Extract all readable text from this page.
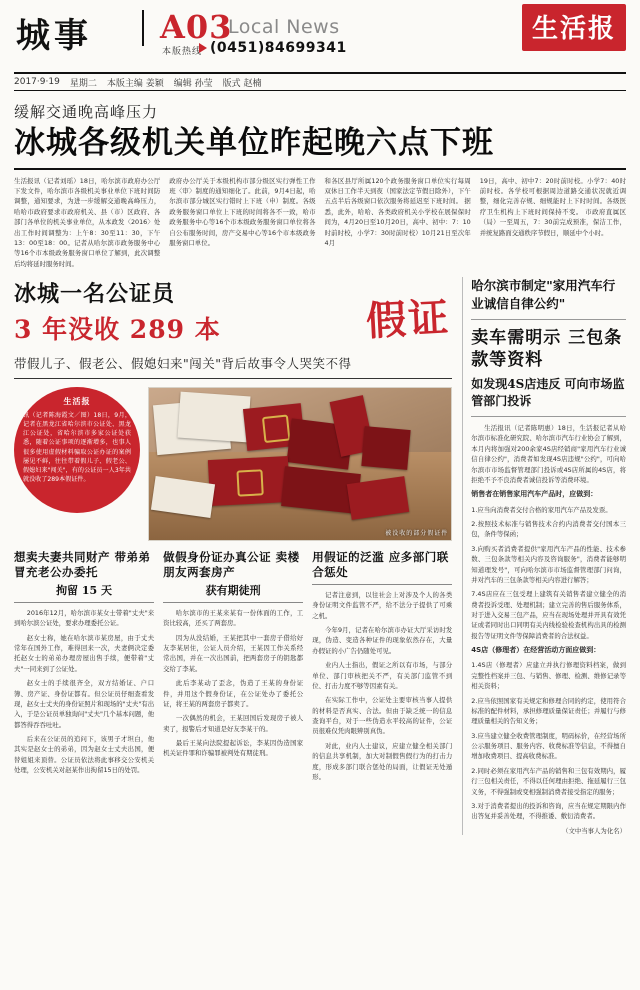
城事 A03
Local News
本版热线 (0451)84699341
生活报
2017·9·19 星期二 本版主编 姜颖 编辑 孙莹 版式 赵楠
缓解交通晚高峰压力
冰城各级机关单位昨起晚六点下班
生活报讯（记者刘瑶）18日，哈尔滨市政府办公厅下发文件，哈尔滨市各级机关事业单位下班时间防调整，通知要求，为进一步缓解交通晚高峰压力，哈哈市政府要求市政府机关、县（市）区政府、各部门各单位的机关事业单位，从本政发〈2016〉处出工作时间调整为：上午8：30至11：30，下午13：00至18：00。记者从哈尔滨市政务服务中心等16个市本级政务服务窗口单位了解到，此次调整后均将延时服务时间。
政府办公厅关于本级机构市部分级区实行弹性工作班〈审〉制度的通知细化了。此前，9月4日起，哈尔滨市部分城区实行错时上下班（申）制度。各级政务服务窗口单位上下班的时间将各不一致，哈市政务服务中心等16个市本级政务服务窗口单位将各自公布服务时间，房产交易中心等16个市本级政务服务窗口单位。
和各区县厅所属120个政务服务窗口单位实行每周双休日工作半天到夜（国家法定节假日除外），下午五点半后各级窗口依次服务将延迟至下班时间。 据悉，此外，哈哈、各类政府机关小学校在展保保时间为，4月20日至10月20日，高中、初中：7：10时前时校，小学7：30时前时校）10月21日至次年4月
19日，高中、初中7：20时前时校。小学7：40时前时校。各学校可根据周边道路交通状况就近调整，细化完善存规、细规能时上下时时间。各级医疗卫生机构上下班时间保持不变。 市政府直属区（局）一至周五，7：30前完成预准，保洁工作，并统复路面交通秩序节假日，顺延中个小时。
冰城一名公证员
3 年没收 289 本	假证
带假儿子、假老公、假媳妇来"闯关"背后故事令人哭笑不得
生活报
讯（记者陈海霞文／图）18日，9月，记者在黑龙江省哈尔滨市公证处、黑龙江公证处，省哈尔滨市多家公证处获悉，随着公证事项的逐渐增多，也事人 很多使用虚假材料骗取公证办证的案例屡见不鲜，往往带着假儿子、假老公、假媳妇来"闯关"，有的公证员一人3年共就没收了289本假证件。
被没收的部分假证件
想卖夫妻共同财产 带弟弟冒充老公办委托
拘留 15 天

2016年12月，哈尔滨市某女士带着"丈夫"来到哈尔滨公证处，要求办理委托公证。

赵女士称，她在哈尔滨市某房屋，由于丈夫常年在国外工作，难得回来一次，夫妻俩决定委托赵女士的弟弟办理房屋出售手续，便带着"丈夫"一同来到了公证处。

赵女士的手续很齐全，双方结婚证、户口簿、房产证、身份证都有。但公证员仔细查看发现，赵女士丈夫的身份证照片和现场的"丈夫"有出入，于是公证员单独询问"丈夫"几个基本问题，他都答得吞吞吐吐。

后来在公证员的追问下，该男子才坦白，他其实是赵女士的弟弟，因为赵女士丈夫出国，便替姐姐来顶替。公证员依法将此事移交公安机关处理，公安机关对赵某作出拘留15日的处罚。

做假身份证办真公证 卖楼朋友两套房产
获有期徒刑

哈尔滨市的王某来某有一份体面的工作，工资比较高，还买了两套房。

因为从没结婚，王某把其中一套房子借给好友李某居住，公证人员介绍，王某因工作关系经常出国，并在一次出国前，把两套房子的钥匙都交给了李某。

此后李某动了歪念，伪造了王某的身份证件，并用这个假身份证，在公证处办了委托公证，将王某的两套房子都卖了。

一次偶然的机会，王某回国后发现房子被人卖了，报警后才知道是好友李某干的。

最后王某向法院提起诉讼，李某因伪造国家机关证件罪和诈骗罪被判处有期徒刑。

用假证的泛滥 应多部门联合惩处

记者注意到，以往社会上对涉及个人的各类身份证明文件监管不严，给不法分子提供了可乘之机。

今年9月，记者在哈尔滨市办证大厅采访时发现，伪造、变造各种证件的现象依然存在，大量办假证的小广告仍随处可见。

业内人士指出，假证之所以有市场，与部分单位、部门审核把关不严，有关部门监管不到位、打击力度不够等因素有关。

在实际工作中，公证处主要审核当事人提供的材料是否真实、合法。但由于缺乏统一的信息查询平台，对于一些伪造水平较高的证件，公证员很难仅凭肉眼辨别真伪。

对此，业内人士建议，应建立健全相关部门的信息共享机制，加大对制假售假行为的打击力度，形成多部门联合惩处的局面，让假证无处遁形。

哈尔滨市制定"家用汽车行业诚信自律公约"
卖车需明示 三包条款等资料
如发现4S店违反 可向市场监管部门投诉

生活报讯（记者陈明惠）18日，生活报记者从哈尔滨市标准化研究院、哈尔滨市汽车行业协会了解到，本月内将加强对200余家4S店经销商"家用汽车行业诚信自律公约"，消费者如发现4S店违规"公约"，可向哈尔滨市市场监督管理部门投诉或4S店所属的4S店，将拒绝不予不良消费者诚信投诉等消费环境。

销售者在销售家用汽车产品时，应做到：

1.应当向消费者交付合格的家用汽车产品及发票。

2.按照技术标准与销售技术合约内消费者交付国本三包，条件等保函；

3.向购买者消费者提供"家用汽车产品的性能、技术参数、三包条款等相关内容及咨询服务"，消费者能够明知道理发号"，可向哈尔滨市市场监督管理部门问询，并对汽车的三包条款等相关内容进行解答；

7.4S店应在三包受理上建筑有关销售者建立健全的消费者投诉受理、处理机制；建立完善的售后服务体系，对于进入交易三包产品，应当在现场处理并开具有效凭证或者同时出口同明有关内线检验检查机构出具的检测报告等证明文件等保障消费者的合法权益。

4S店（修理者）在经营活动方面应做到：

1.4S店（修理者）应建立并执行修理资料档案，做到完整性档案并三包、与销售、修理、检测、维修记录等相关资料；

2.应当依照国家有关规定和修理合同的约定，使用符合标准的配件材料，承担修理质量保证责任；并履行与修理质量相关的告知义务；

3.应当建立健全收费管理制度，明码标价，在经营场所公示服务项目、服务内容、收费标准等信息，不得擅自增加收费项目、提高收费标准。

2.同时必须在家用汽车产品的销售和三包有效期内，履行三包相关责任，不得以任何理由拒绝、拖延履行三包义务，不得强制或变相强制消费者接受指定的服务；

3.对于消费者提出的投诉和咨询，应当在规定期限内作出答复并妥善处理，不得推诿、敷衍消费者。

（文中当事人为化名）
